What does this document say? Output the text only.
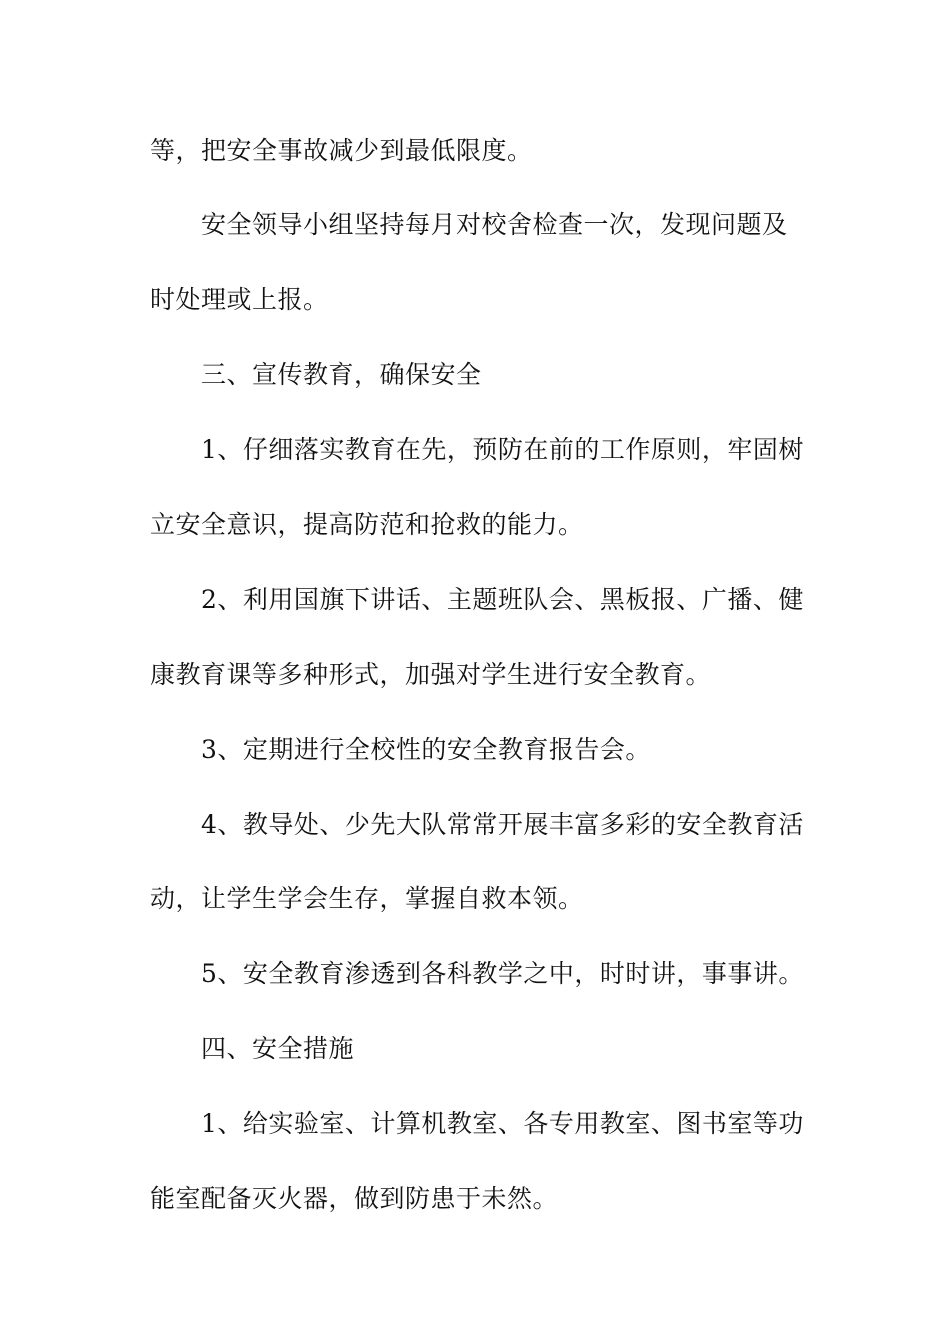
等，把安全事故减少到最低限度。
安全领导小组坚持每月对校舍检查一次，发现问题及
时处理或上报。
三、宣传教育，确保安全
1、仔细落实教育在先，预防在前的工作原则，牢固树
立安全意识，提高防范和抢救的能力。
2、利用国旗下讲话、主题班队会、黑板报、广播、健
康教育课等多种形式，加强对学生进行安全教育。
3、定期进行全校性的安全教育报告会。
4、教导处、少先大队常常开展丰富多彩的安全教育活
动，让学生学会生存，掌握自救本领。
5、安全教育渗透到各科教学之中，时时讲，事事讲。
四、安全措施
1、给实验室、计算机教室、各专用教室、图书室等功
能室配备灭火器，做到防患于未然。
